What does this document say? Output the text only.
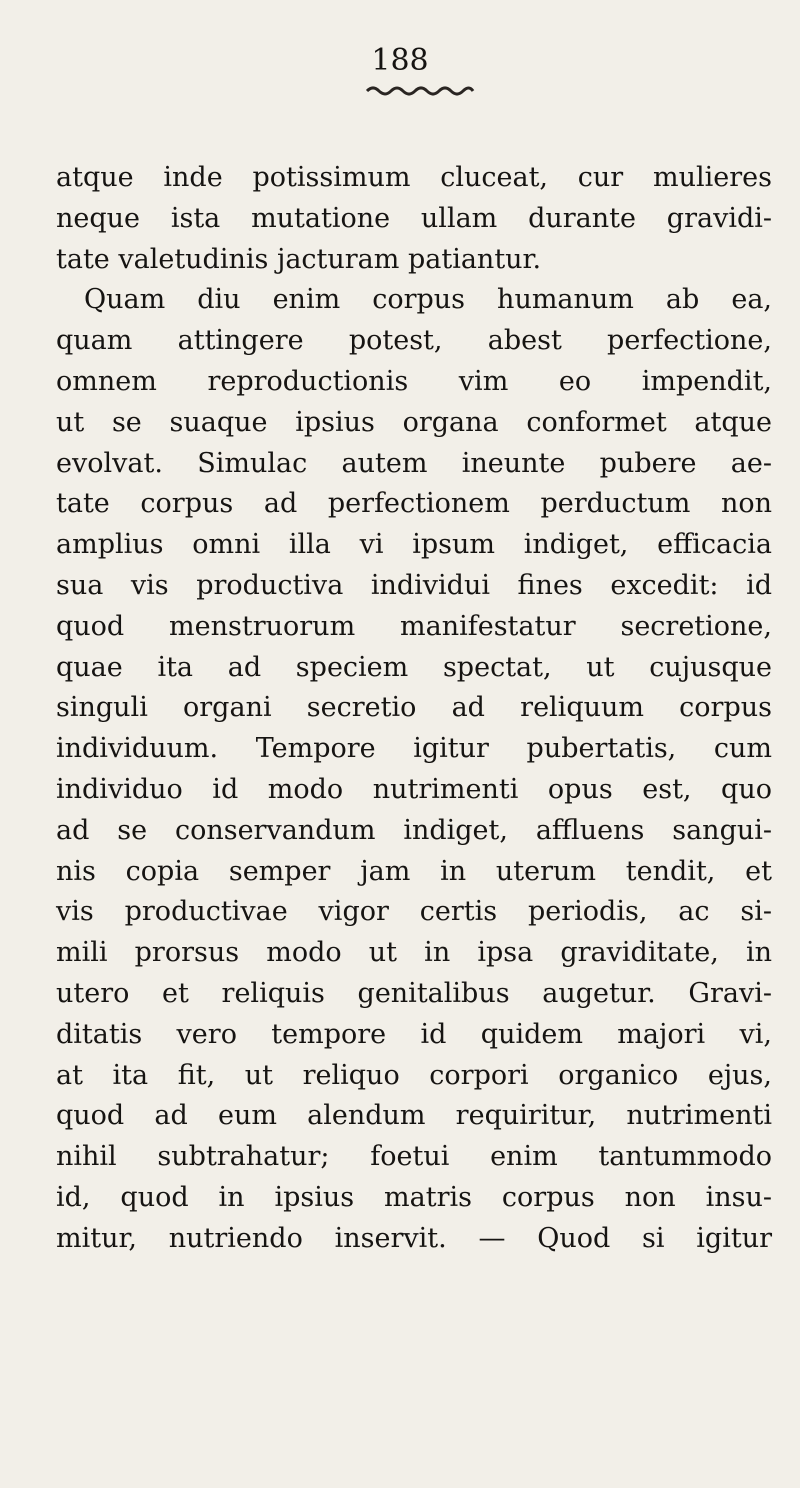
188
atque inde potissimum cluceat, cur mulieres
neque ista mutatione ullam durante gravidi-
tate valetudinis jacturam patiantur.
Quam diu enim corpus humanum ab ea,
quam attingere potest, abest perfectione,
omnem reproductionis vim eo impendit,
ut se suaque ipsius organa conformet atque
evolvat. Simulac autem ineunte pubere ae-
tate corpus ad perfectionem perductum non
amplius omni illa vi ipsum indiget, efficacia
sua vis productiva individui fines excedit: id
quod menstruorum manifestatur secretione,
quae ita ad speciem spectat, ut cujusque
singuli organi secretio ad reliquum corpus
individuum. Tempore igitur pubertatis, cum
individuo id modo nutrimenti opus est, quo
ad se conservandum indiget, affluens sangui-
nis copia semper jam in uterum tendit, et
vis productivae vigor certis periodis, ac si-
mili prorsus modo ut in ipsa graviditate, in
utero et reliquis genitalibus augetur. Gravi-
ditatis vero tempore id quidem majori vi,
at ita fit, ut reliquo corpori organico ejus,
quod ad eum alendum requiritur, nutrimenti
nihil subtrahatur; foetui enim tantummodo
id, quod in ipsius matris corpus non insu-
mitur, nutriendo inservit. — Quod si igitur
